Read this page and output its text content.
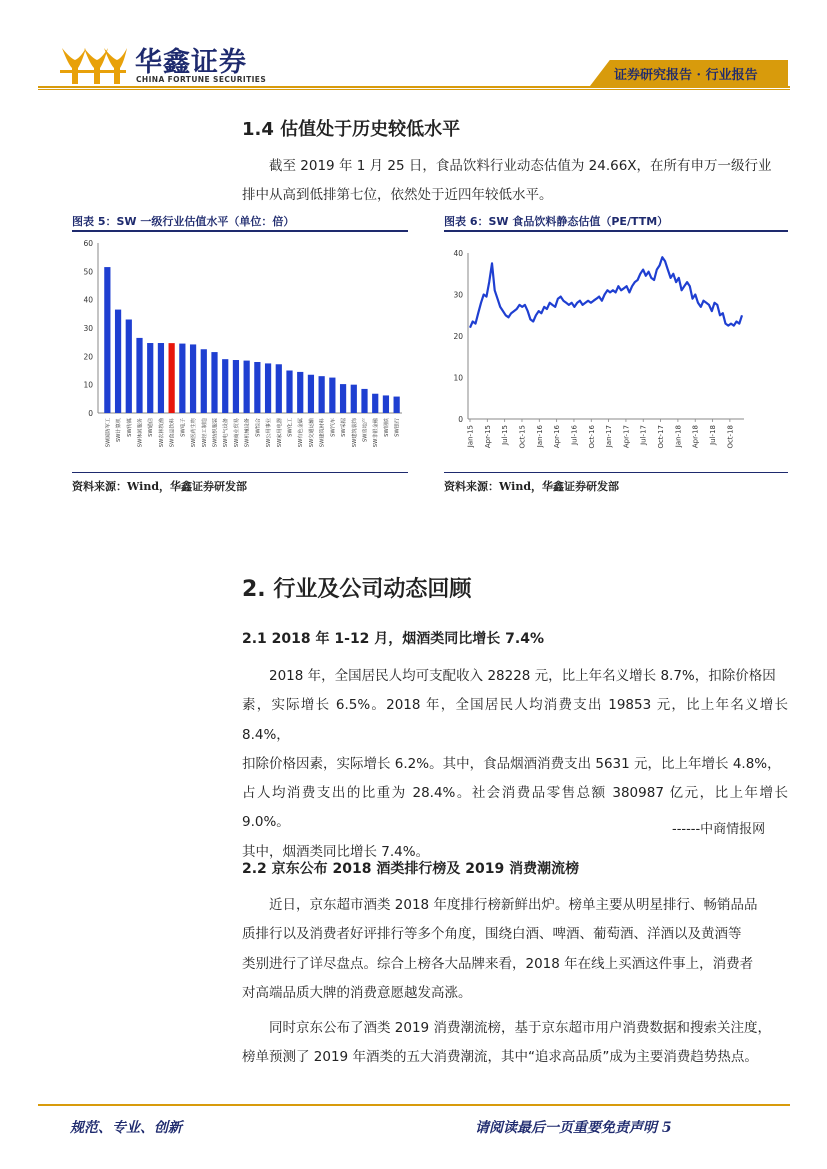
华鑫证券
CHINA FORTUNE SECURITIES	证券研究报告 · 行业报告
1.4 估值处于历史较低水平
截至 2019 年 1 月 25 日，食品饮料行业动态估值为 24.66X，在所有申万一级行业
排中从高到低排第七位，依然处于近四年较低水平。
图表 5：SW 一级行业估值水平（单位：倍）
0
10
20
30
40
50
60
SW国防军工 SW计算机 SW传媒 SW休闲服务 SW通信 SW农林牧渔 SW食品饮料 SW电子 SW医药生物 SW轻工制造 SW纺织服装 SW电气设备 SW商业贸易 SW机械设备 SW综合 SW公用事业 SW家用电器 SW化工 SW有色金属 SW交通运输 SW建筑材料 SW汽车 SW采掘 SW建筑装饰 SW房地产 SW非银金融 SW钢铁 SW银行
资料来源：Wind，华鑫证券研发部
图表 6：SW 食品饮料静态估值（PE/TTM）
0
10
20
30
40
Jan-15 Apr-15 Jul-15 Oct-15 Jan-16 Apr-16 Jul-16 Oct-16 Jan-17 Apr-17 Jul-17 Oct-17 Jan-18 Apr-18 Jul-18 Oct-18
资料来源：Wind，华鑫证券研发部
2. 行业及公司动态回顾
2.1 2018 年 1-12 月，烟酒类同比增长 7.4%
2018 年，全国居民人均可支配收入 28228 元，比上年名义增长 8.7%，扣除价格因
素，实际增长 6.5%。2018 年，全国居民人均消费支出 19853 元，比上年名义增长 8.4%，
扣除价格因素，实际增长 6.2%。其中，食品烟酒消费支出 5631 元，比上年增长 4.8%，
占人均消费支出的比重为 28.4%。社会消费品零售总额 380987 亿元，比上年增长 9.0%。
其中，烟酒类同比增长 7.4%。
------中商情报网
2.2 京东公布 2018 酒类排行榜及 2019 消费潮流榜
近日，京东超市酒类 2018 年度排行榜新鲜出炉。榜单主要从明星排行、畅销品品
质排行以及消费者好评排行等多个角度，围绕白酒、啤酒、葡萄酒、洋酒以及黄酒等
类别进行了详尽盘点。综合上榜各大品牌来看，2018 年在线上买酒这件事上，消费者
对高端品质大牌的消费意愿越发高涨。
同时京东公布了酒类 2019 消费潮流榜，基于京东超市用户消费数据和搜索关注度，
榜单预测了 2019 年酒类的五大消费潮流，其中“追求高品质”成为主要消费趋势热点。
规范、专业、创新	请阅读最后一页重要免责声明 5
